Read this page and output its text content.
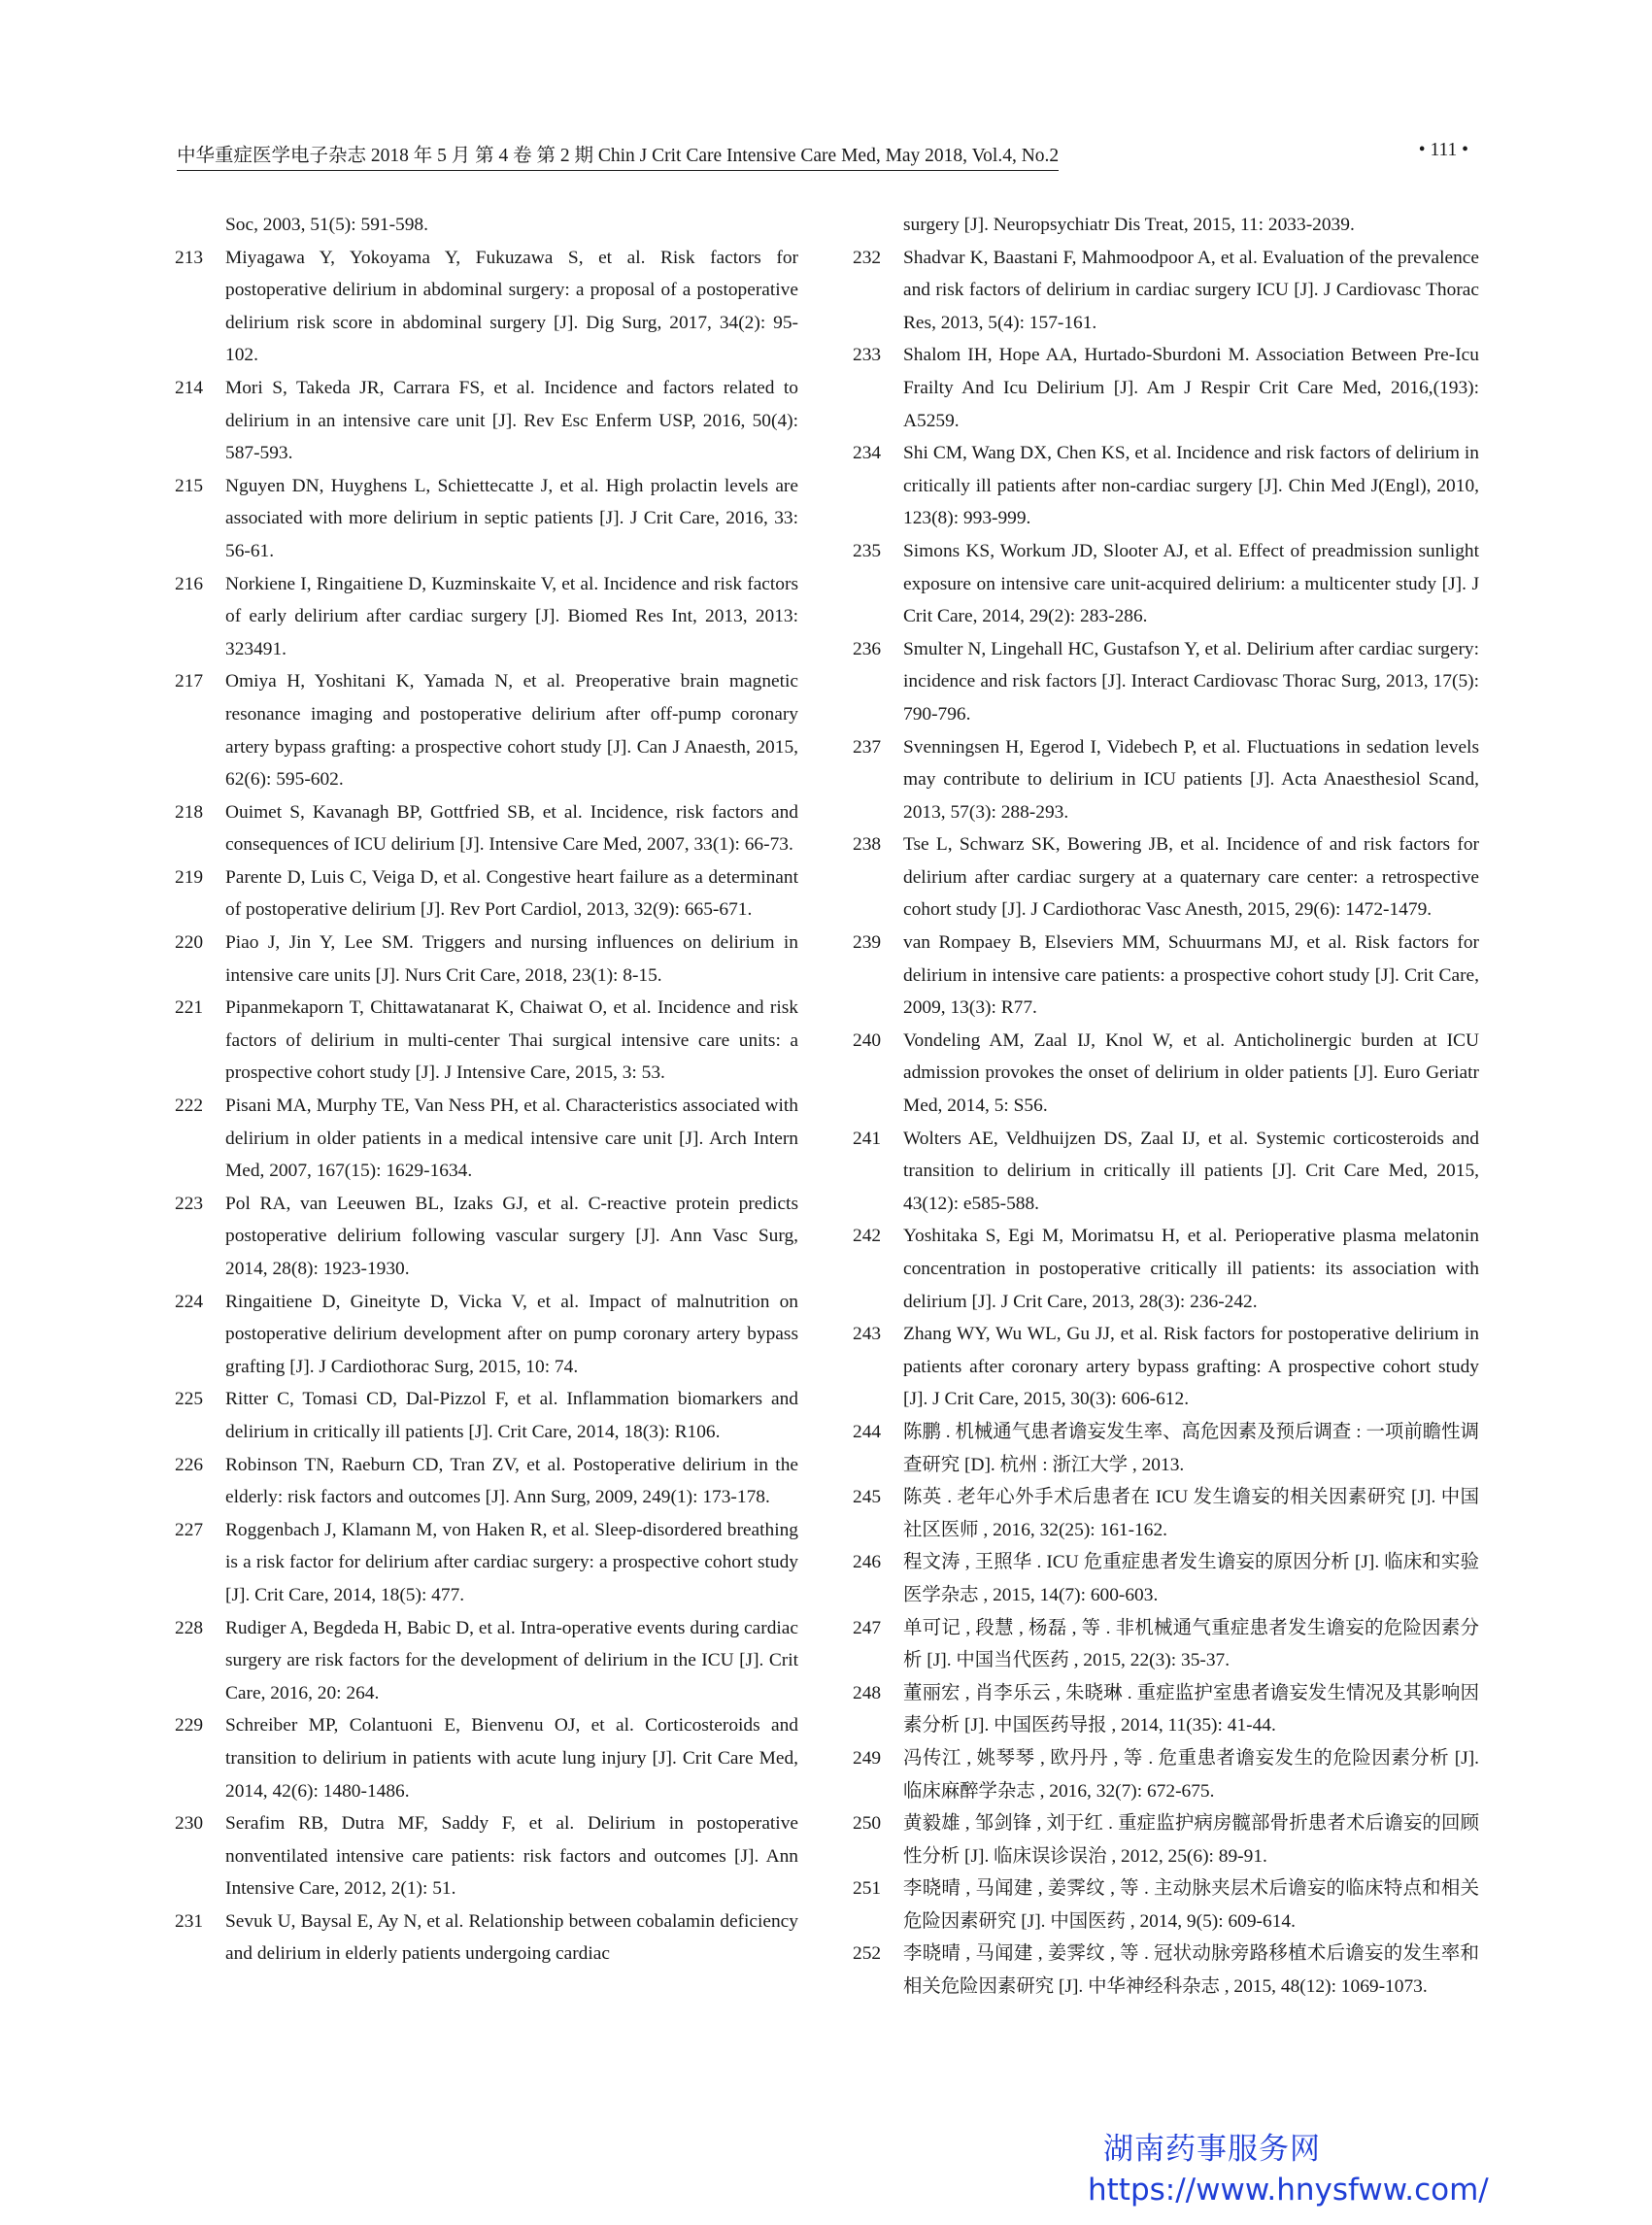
中华重症医学电子杂志 2018 年 5 月 第 4 卷 第 2 期 Chin J Crit Care Intensive Care Med, May 2018, Vol.4, No.2	• 111 •
Soc, 2003, 51(5): 591-598.
213	Miyagawa Y, Yokoyama Y, Fukuzawa S, et al. Risk factors for postoperative delirium in abdominal surgery: a proposal of a postoperative delirium risk score in abdominal surgery [J]. Dig Surg, 2017, 34(2): 95-102.
214	Mori S, Takeda JR, Carrara FS, et al. Incidence and factors related to delirium in an intensive care unit [J]. Rev Esc Enferm USP, 2016, 50(4): 587-593.
215	Nguyen DN, Huyghens L, Schiettecatte J, et al. High prolactin levels are associated with more delirium in septic patients [J]. J Crit Care, 2016, 33: 56-61.
216	Norkiene I, Ringaitiene D, Kuzminskaite V, et al. Incidence and risk factors of early delirium after cardiac surgery [J]. Biomed Res Int, 2013, 2013: 323491.
217	Omiya H, Yoshitani K, Yamada N, et al. Preoperative brain magnetic resonance imaging and postoperative delirium after off-pump coronary artery bypass grafting: a prospective cohort study [J]. Can J Anaesth, 2015, 62(6): 595-602.
218	Ouimet S, Kavanagh BP, Gottfried SB, et al. Incidence, risk factors and consequences of ICU delirium [J]. Intensive Care Med, 2007, 33(1): 66-73.
219	Parente D, Luis C, Veiga D, et al. Congestive heart failure as a determinant of postoperative delirium [J]. Rev Port Cardiol, 2013, 32(9): 665-671.
220	Piao J, Jin Y, Lee SM. Triggers and nursing influences on delirium in intensive care units [J]. Nurs Crit Care, 2018, 23(1): 8-15.
221	Pipanmekaporn T, Chittawatanarat K, Chaiwat O, et al. Incidence and risk factors of delirium in multi-center Thai surgical intensive care units: a prospective cohort study [J]. J Intensive Care, 2015, 3: 53.
222	Pisani MA, Murphy TE, Van Ness PH, et al. Characteristics associated with delirium in older patients in a medical intensive care unit [J]. Arch Intern Med, 2007, 167(15): 1629-1634.
223	Pol RA, van Leeuwen BL, Izaks GJ, et al. C-reactive protein predicts postoperative delirium following vascular surgery [J]. Ann Vasc Surg, 2014, 28(8): 1923-1930.
224	Ringaitiene D, Gineityte D, Vicka V, et al. Impact of malnutrition on postoperative delirium development after on pump coronary artery bypass grafting [J]. J Cardiothorac Surg, 2015, 10: 74.
225	Ritter C, Tomasi CD, Dal-Pizzol F, et al. Inflammation biomarkers and delirium in critically ill patients [J]. Crit Care, 2014, 18(3): R106.
226	Robinson TN, Raeburn CD, Tran ZV, et al. Postoperative delirium in the elderly: risk factors and outcomes [J]. Ann Surg, 2009, 249(1): 173-178.
227	Roggenbach J, Klamann M, von Haken R, et al. Sleep-disordered breathing is a risk factor for delirium after cardiac surgery: a prospective cohort study [J]. Crit Care, 2014, 18(5): 477.
228	Rudiger A, Begdeda H, Babic D, et al. Intra-operative events during cardiac surgery are risk factors for the development of delirium in the ICU [J]. Crit Care, 2016, 20: 264.
229	Schreiber MP, Colantuoni E, Bienvenu OJ, et al. Corticosteroids and transition to delirium in patients with acute lung injury [J]. Crit Care Med, 2014, 42(6): 1480-1486.
230	Serafim RB, Dutra MF, Saddy F, et al. Delirium in postoperative nonventilated intensive care patients: risk factors and outcomes [J]. Ann Intensive Care, 2012, 2(1): 51.
231	Sevuk U, Baysal E, Ay N, et al. Relationship between cobalamin deficiency and delirium in elderly patients undergoing cardiac
surgery [J]. Neuropsychiatr Dis Treat, 2015, 11: 2033-2039.
232	Shadvar K, Baastani F, Mahmoodpoor A, et al. Evaluation of the prevalence and risk factors of delirium in cardiac surgery ICU [J]. J Cardiovasc Thorac Res, 2013, 5(4): 157-161.
233	Shalom IH, Hope AA, Hurtado-Sburdoni M. Association Between Pre-Icu Frailty And Icu Delirium [J]. Am J Respir Crit Care Med, 2016,(193): A5259.
234	Shi CM, Wang DX, Chen KS, et al. Incidence and risk factors of delirium in critically ill patients after non-cardiac surgery [J]. Chin Med J(Engl), 2010, 123(8): 993-999.
235	Simons KS, Workum JD, Slooter AJ, et al. Effect of preadmission sunlight exposure on intensive care unit-acquired delirium: a multicenter study [J]. J Crit Care, 2014, 29(2): 283-286.
236	Smulter N, Lingehall HC, Gustafson Y, et al. Delirium after cardiac surgery: incidence and risk factors [J]. Interact Cardiovasc Thorac Surg, 2013, 17(5): 790-796.
237	Svenningsen H, Egerod I, Videbech P, et al. Fluctuations in sedation levels may contribute to delirium in ICU patients [J]. Acta Anaesthesiol Scand, 2013, 57(3): 288-293.
238	Tse L, Schwarz SK, Bowering JB, et al. Incidence of and risk factors for delirium after cardiac surgery at a quaternary care center: a retrospective cohort study [J]. J Cardiothorac Vasc Anesth, 2015, 29(6): 1472-1479.
239	van Rompaey B, Elseviers MM, Schuurmans MJ, et al. Risk factors for delirium in intensive care patients: a prospective cohort study [J]. Crit Care, 2009, 13(3): R77.
240	Vondeling AM, Zaal IJ, Knol W, et al. Anticholinergic burden at ICU admission provokes the onset of delirium in older patients [J]. Euro Geriatr Med, 2014, 5: S56.
241	Wolters AE, Veldhuijzen DS, Zaal IJ, et al. Systemic corticosteroids and transition to delirium in critically ill patients [J]. Crit Care Med, 2015, 43(12): e585-588.
242	Yoshitaka S, Egi M, Morimatsu H, et al. Perioperative plasma melatonin concentration in postoperative critically ill patients: its association with delirium [J]. J Crit Care, 2013, 28(3): 236-242.
243	Zhang WY, Wu WL, Gu JJ, et al. Risk factors for postoperative delirium in patients after coronary artery bypass grafting: A prospective cohort study [J]. J Crit Care, 2015, 30(3): 606-612.
244	陈鹏 . 机械通气患者谵妄发生率、高危因素及预后调查 : 一项前瞻性调查研究 [D]. 杭州 : 浙江大学 , 2013.
245	陈英 . 老年心外手术后患者在 ICU 发生谵妄的相关因素研究 [J]. 中国社区医师 , 2016, 32(25): 161-162.
246	程文涛 , 王照华 . ICU 危重症患者发生谵妄的原因分析 [J]. 临床和实验医学杂志 , 2015, 14(7): 600-603.
247	单可记 , 段慧 , 杨磊 , 等 . 非机械通气重症患者发生谵妄的危险因素分析 [J]. 中国当代医药 , 2015, 22(3): 35-37.
248	董丽宏 , 肖李乐云 , 朱晓琳 . 重症监护室患者谵妄发生情况及其影响因素分析 [J]. 中国医药导报 , 2014, 11(35): 41-44.
249	冯传江 , 姚琴琴 , 欧丹丹 , 等 . 危重患者谵妄发生的危险因素分析 [J]. 临床麻醉学杂志 , 2016, 32(7): 672-675.
250	黄毅雄 , 邹剑锋 , 刘于红 . 重症监护病房髋部骨折患者术后谵妄的回顾性分析 [J]. 临床误诊误治 , 2012, 25(6): 89-91.
251	李晓晴 , 马闻建 , 姜霁纹 , 等 . 主动脉夹层术后谵妄的临床特点和相关危险因素研究 [J]. 中国医药 , 2014, 9(5): 609-614.
252	李晓晴 , 马闻建 , 姜霁纹 , 等 . 冠状动脉旁路移植术后谵妄的发生率和相关危险因素研究 [J]. 中华神经科杂志 , 2015, 48(12): 1069-1073.
湖南药事服务网
https://www.hnysfww.com/
